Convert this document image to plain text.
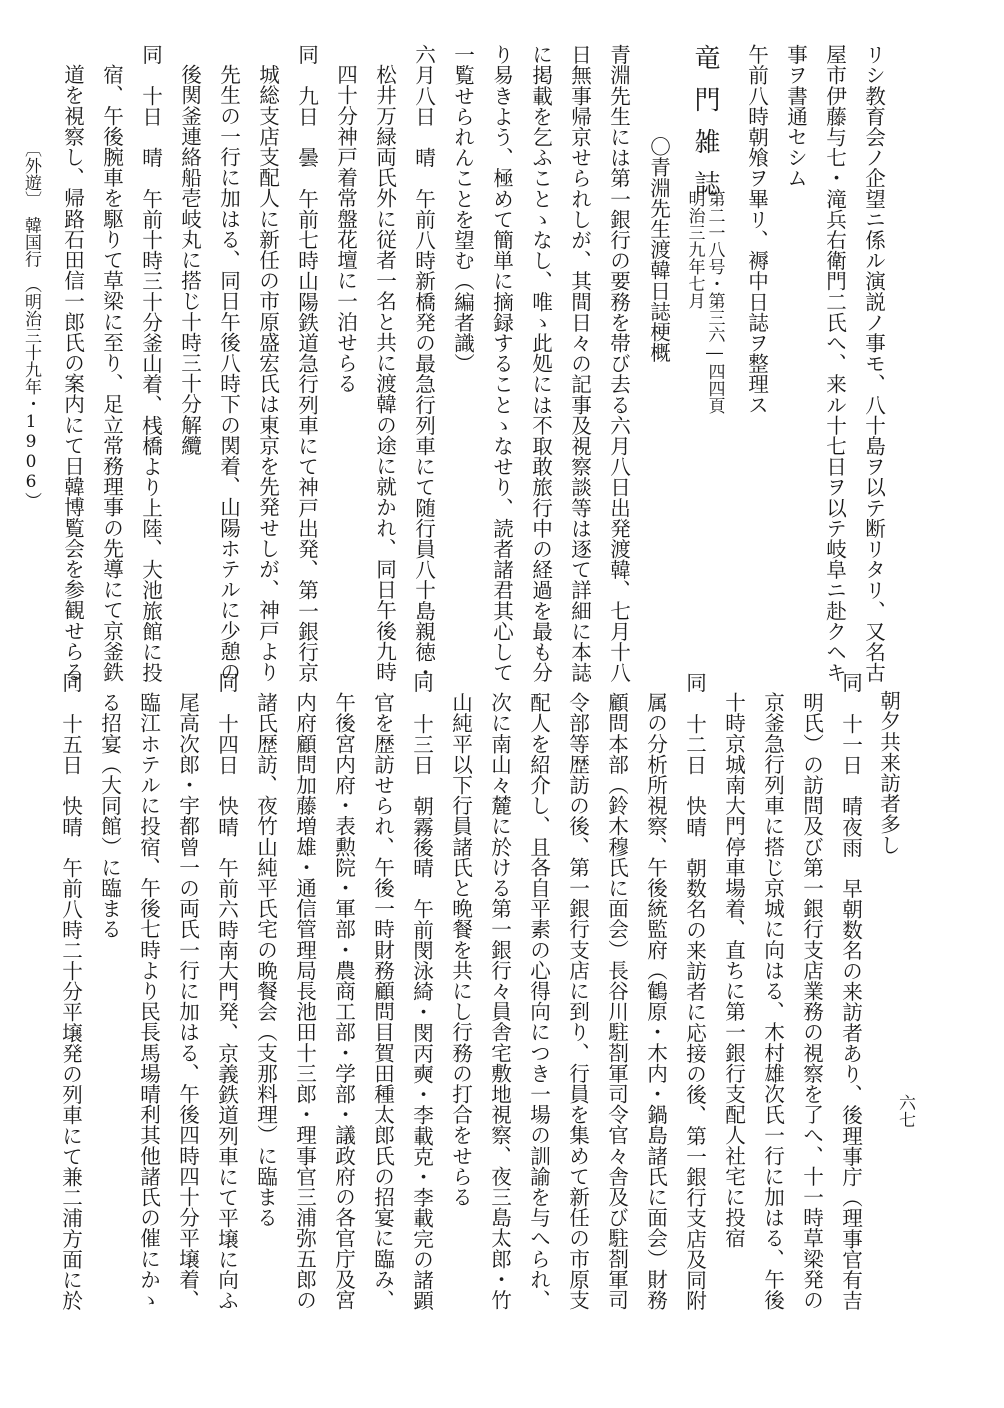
リシ教育会ノ企望ニ係ル演説ノ事モ、八十島ヲ以テ断リタリ、又名古

屋市伊藤与七・滝兵右衛門二氏へ、来ル十七日ヲ以テ岐阜ニ赴クヘキ

事ヲ書通セシム

午前八時朝飧ヲ畢リ、褥中日誌ヲ整理ス

竜門雑誌

第二一八号・第三六―四四頁

明治三九年七月

〇青淵先生渡韓日誌梗概

青淵先生には第一銀行の要務を帯び去る六月八日出発渡韓、七月十八

日無事帰京せられしが、其間日々の記事及視察談等は逐て詳細に本誌

に掲載を乞ふことゝなし、唯ゝ此処には不取敢旅行中の経過を最も分

り易きよう、極めて簡単に摘録することゝなせり、読者諸君其心して

一覧せられんことを望む（編者識）

六月八日　晴　午前八時新橋発の最急行列車にて随行員八十島親徳・

松井万緑両氏外に従者一名と共に渡韓の途に就かれ、同日午後九時

四十分神戸着常盤花壇に一泊せらる

同　九日　曇　午前七時山陽鉄道急行列車にて神戸出発、第一銀行京

城総支店支配人に新任の市原盛宏氏は東京を先発せしが、神戸より

先生の一行に加はる、同日午後八時下の関着、山陽ホテルに少憩の

後関釜連絡船壱岐丸に搭じ十時三十分解纜

同　十日　晴　午前十時三十分釜山着、桟橋より上陸、大池旅館に投

宿、午後腕車を駆りて草梁に至り、足立常務理事の先導にて京釜鉄

道を視察し、帰路石田信一郎氏の案内にて日韓博覧会を参観せらる

朝夕共来訪者多し

同　十一日　晴夜雨　早朝数名の来訪者あり、後理事庁（理事官有吉

明氏）の訪問及び第一銀行支店業務の視察を了へ、十一時草梁発の

京釜急行列車に搭じ京城に向はる、木村雄次氏一行に加はる、午後

十時京城南大門停車場着、直ちに第一銀行支配人社宅に投宿

同　十二日　快晴　朝数名の来訪者に応接の後、第一銀行支店及同附

属の分析所視察、午後統監府（鶴原・木内・鍋島諸氏に面会）財務

顧問本部（鈴木穆氏に面会）長谷川駐剳軍司令官々舎及び駐剳軍司

令部等歴訪の後、第一銀行支店に到り、行員を集めて新任の市原支

配人を紹介し、且各自平素の心得向につき一場の訓諭を与へられ、

次に南山々麓に於ける第一銀行々員舎宅敷地視察、夜三島太郎・竹

山純平以下行員諸氏と晩餐を共にし行務の打合をせらる

同　十三日　朝霧後晴　午前閔泳綺・閔丙奭・李載克・李載完の諸顕

官を歴訪せられ、午後一時財務顧問目賀田種太郎氏の招宴に臨み、

午後宮内府・表勲院・軍部・農商工部・学部・議政府の各官庁及宮

内府顧問加藤増雄・通信管理局長池田十三郎・理事官三浦弥五郎の

諸氏歴訪、夜竹山純平氏宅の晩餐会（支那料理）に臨まる

同　十四日　快晴　午前六時南大門発、京義鉄道列車にて平壌に向ふ

尾高次郎・宇都曾一の両氏一行に加はる、午後四時四十分平壌着、

臨江ホテルに投宿、午後七時より民長馬場晴利其他諸氏の催にかゝ

る招宴（大同館）に臨まる

同　十五日　快晴　午前八時二十分平壌発の列車にて兼二浦方面に於

〔外遊〕　韓国行　（明治三十九年・1906）

六七
